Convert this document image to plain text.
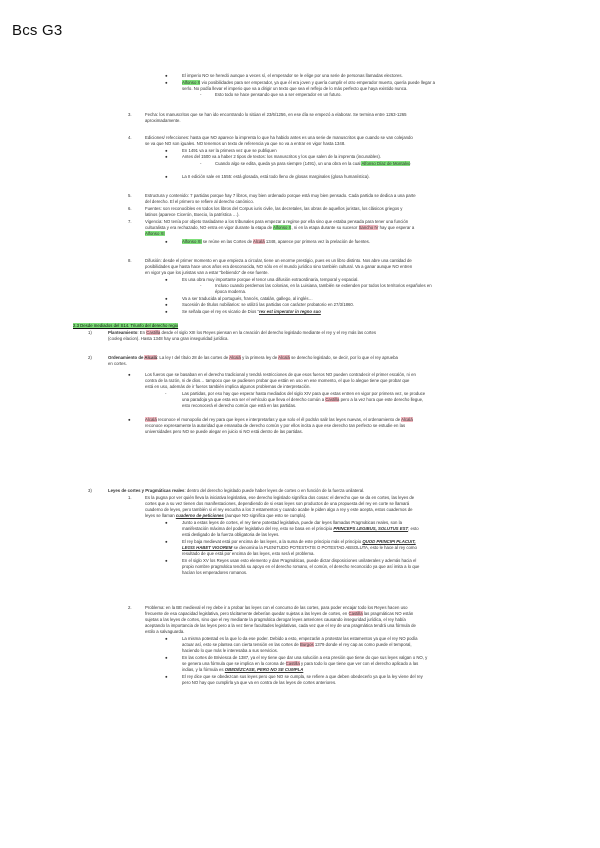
Bcs G3
●	El imperio NO se heredó aunque a veces sí, el emperador se le elige por una serie de personas llamadas electores.
●	Alfonso X vio posibilidades para ser emperador, ya que él era joven y quería cumplir el otro emperador muerto, quería puede llegar a
serlo. No podía llevar el imperio que va a dirigir un texto que sea el reflejo de lo más perfecto que haya existido nunca.
-	Esto todo se hace pensando que va a ser emperador en un futuro.
3.	Fecha: los manuscritos que se han ido encontrando lo sitúan el 23/6/1256, en ese día se empezó a elaborar. Se termina entre 1263-1265
aproximadamente.
4.	Ediciones/ refecciones: hasta que NO aparece la imprenta lo que ha habido antes es una serie de manuscritos que cuando se van colejando
se va que NO son iguales. NO tenemos un texto de referencia ya que no va a entrar en vigor hasta 1348.
●	En 1491 va a ser la primera vez que se publiquen
●	Antes del 1500 va a haber 2 tipos de textos: los manuscritos y los que salen de la imprenta (incunables).
-	Cuando algo se edita, queda ya para siempre (1491), un una obra en la cual Alfonso Díaz de Montalvo
●	La II edición sale en 1555: está glosada, está todo lleno de glosas marginales (glosa humanística).
5.	Estructura y contenido: 7 partidas porque hay 7 libros, muy bien ordenado porque está muy bien pensado. Cada partida se dedica a una parte
del derecho. El el primero se refiere al derecho canónico.
6.	Fuentes: son reconocibles en todos los libros del Corpus iuris civile, las decretales, las obras de aquellos juristas, los clásicos griegos y
latinos (aparece Cicerón, Boecio, la patrística …).
7.	Vigencia: NO tenía por objeto trasladarse a los tribunales para empezar a regirse por ella sino que estaba pensada para tener una función
culturalista y era rechazado, NO entra en vigor durante la etapa de Alfonso X, ni en la etapa durante su sucesor Sancho IV hay que esperar a
Alfonso XI
●	Alfonso XI se reúne en las Cortes de Alcalá 1348, aparece por primera vez la prelación de fuentes.
8.	Difusión: desde el primer momento en que empieza a circular, tiene un enorme prestigio, pues es un libro distinto. Nos abre una cantidad de
posibilidades que hasta hace unos años era desconocida, NO sólo en el mundo jurídico sino también cultural. Va a ganar aunque NO entren
en vigor ya que los juristas van a estar "bebiendo" de ese fuente.
●	Es una obra muy importante porque el tenor una difusión extraordinaria, temporal y espacial.
-	Incluso cuando perdemos las colonias, en la Luisiana, también se extienden por todos los territorios españoles en
época moderna.
●	Va a ser traducida al portugués, francés, catalán, gallego, al inglés…
●	Sucesión de títulos nobiliarios: se utilizó las partidas con carácter probatorio en 27/3/1860.
●	Se señala que el rey es vicario de Dios "rex est imperator in regno suo
2.3 Desde mediados del S14. Triunfo del derecho regio
1)	Planteamiento: En Castilla desde el siglo XIII los Reyes piensan en la creación del derecho legislado mediante el rey y el rey más las cortes
(cooleg elacion). Hasta 1348 hay una gran inseguridad jurídica.
2)	Ordenamiento de Alcalá: La ley I del título 28 de las cortes de Alcalá y la primera ley de Alcalá se derecho legislado, se decir, por lo que el rey aprueba
en cortes.
●	Los fueros que se basaban en el derecho tradicional y tendrá restricciones de que esos fueros NO pueden contradecir el primer escalón, ni en
contra de la razón, ni de dios… tampoco que se pudiesen probar que están en uso en ese momento, el que lo alegue tiene que probar que
está en uso, además de ir fueros también implica algunos problemas de interpretación.
-	Las partidas, por eso hay que esperar hasta mediados del siglo XIV para que estas entren en vigor por primera vez, se produce
una paradoja ya que esta era ser el vehículo que lleva el derecho común a Castilla pero a la vez hora que este derecho llegue,
esto reconocerá el derecho común que está en las partidas.
●	Alcalá reconoce el monopolio del rey para que leyes e interpretarlas y que solo el él podrán salir las leyes nuevas, el ordenamiento de Alcalá
reconoce expresamente la autoridad que emanaba de derecho común y por ellos incita a que ese derecho tan perfecto se estudie en las
universidades pero NO se puede alegar en juicio si NO está dentro de las partidas.
3)	Leyes de cortes y Pragmáticas reales: dentro del derecho legislado puede haber leyes de cortes o en función de la fuerza unilateral.
1.	Es la pugna por ver quién lleva la iniciativa legislativa, ese derecho legislado significa dos cosas: el derecho que se da en cortes, las leyes de
cortes que a su vez tienen dos manifestaciones, dependiendo de si esas leyes son productos de una propuesta del rey en corte se llamará
cuaderno de leyes, pero también si el rey escucha a los 3 estamentos y cuando acabe le piden algo a rey y este acepta, estos cuadernos de
leyes se llaman cuaderno de peticiones (aunque NO significa que esto se cumpla).
●	Junto a estas leyes de cortes, el rey tiene potestad legislativa, puede dar leyes llamadas Pragmáticas reales, son la
manifestación máxima del poder legislativo del rey, esto se basa en el principio PRINCEPS LEGIBUS, SOLUTUS EST, esto
está desligado de la fuerza obligatoria de las leyes.
●	El rey baja medievat está por encima de las leyes, a la suma de este principio más el principio QUOD PRINCIPI PLACUIT,
LEGIS HABET VIGOREM se denomina la PLENITUDO POTESTATIS O POTESTAD ABSOLUTA, esto le hace al rey como
resultado de que está por encima de las leyes, esto será el problema.
●	En el siglo XV los Reyes usan esto elemento y dan Pragmáticas, puede dictar disposiciones unilaterales y además hacia el
propio nombre pragmática tendrá su apoyo en el derecho romano, el común, el derecho reconocido ya que así imita a lo que
hacían los emperadores romanos.
2.	Problema: en la BE medieval el rey debe ir a probar las leyes con el concurso de las cortes, para poder encajar todo los Reyes hacen uso
frecuente de esa capacidad legislativa, pero tácitamente deberían quedar sujetas a las leyes de cortes, en Castilla las pragmáticas NO están
sujetas a las leyes de cortes, sino que el rey mediante la pragmática derogar leyes anteriores causando inseguridad jurídica, el rey había
aceptando la importancia de las leyes pero a la vez tiene facultades legislativas, cada vez que el rey de una pragmática tendrá una fórmula de
estilo a salvaguarda.
●	La misma potestad es la que lo da ese poder. Debido a esto, empezarán a protestar las estamentos ya que el rey NO podía
actuar así, esto se plantea con cierta tensión en las cortes de Burgos 1379 donde el rey cap as como puede el temporal,
haciendo lo que más le interesaba a sus servicios.
●	En las cortes de Briviesca de 1387, ya el rey tiene que dar una solución a esa presión que tiene do que sus leyes valgan o NO, y
se genera una fórmula que se implica en la corona de Castilla y para todo lo que tiene que ver con el derecho aplicado a las
indias, y la fórmula es OBEDÉZCASE, PERO NO SE CUMPLA
●	El rey dice que se obedezcan sus leyes pero que NO se cumpla, se refiere a que deben obedecerlo ya que la ley viene del rey
pero NO hay que cumplirla ya que va en contra de las leyes de cortes anteriores.
